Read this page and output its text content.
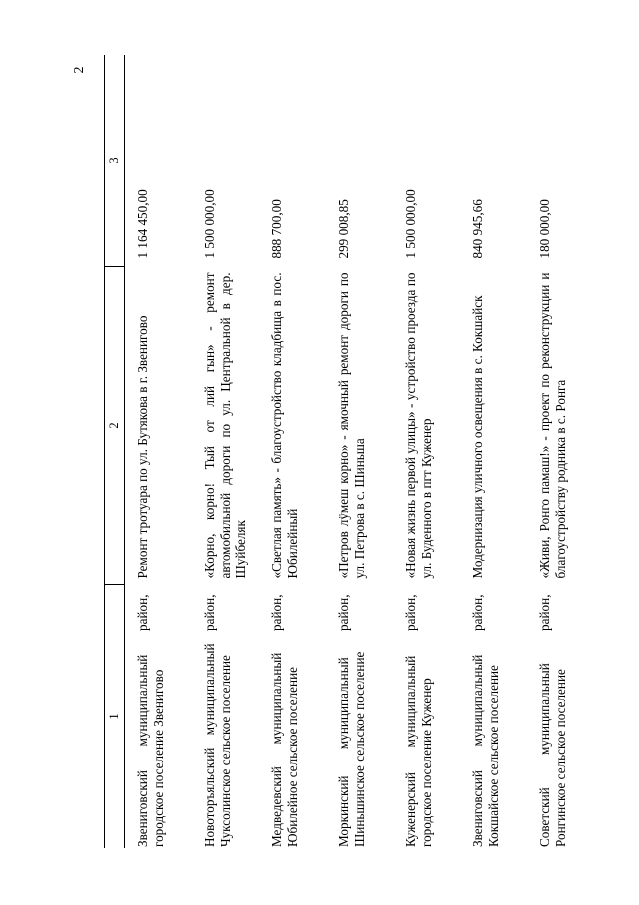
2
1	2	3
Звениговский муниципальный район, городское поселение Звенигово	Ремонт тротуара по ул. Бутякова в г. Звенигово	1 164 450,00
Новоторъяльский муниципальный район, Чуксолинское сельское поселение	«Корно, корно! Тый от лий гын» - ремонт автомобильной дороги по ул. Центральной в дер. Шуйбеляк	1 500 000,00
Медведевский муниципальный район, Юбилейное сельское поселение	«Светлая память» - благоустройство кладбища в пос. Юбилейный	888 700,00
Моркинский муниципальный район, Шиньшинское сельское поселение	«Петров лӱмеш корно» - ямочный ремонт дороги по ул. Петрова в с. Шиньша	299 008,85
Куженерский муниципальный район, городское поселение Куженер	«Новая жизнь первой улицы» - устройство проезда по ул. Буденного в пгт Куженер	1 500 000,00
Звениговский муниципальный район, Кокшайское сельское поселение	Модернизация уличного освещения в с. Кокшайск	840 945,66
Советский муниципальный район, Ронгинское сельское поселение	«Живи, Ронго памаш!» - проект по реконструкции и благоустройству родника в с. Ронга	180 000,00
